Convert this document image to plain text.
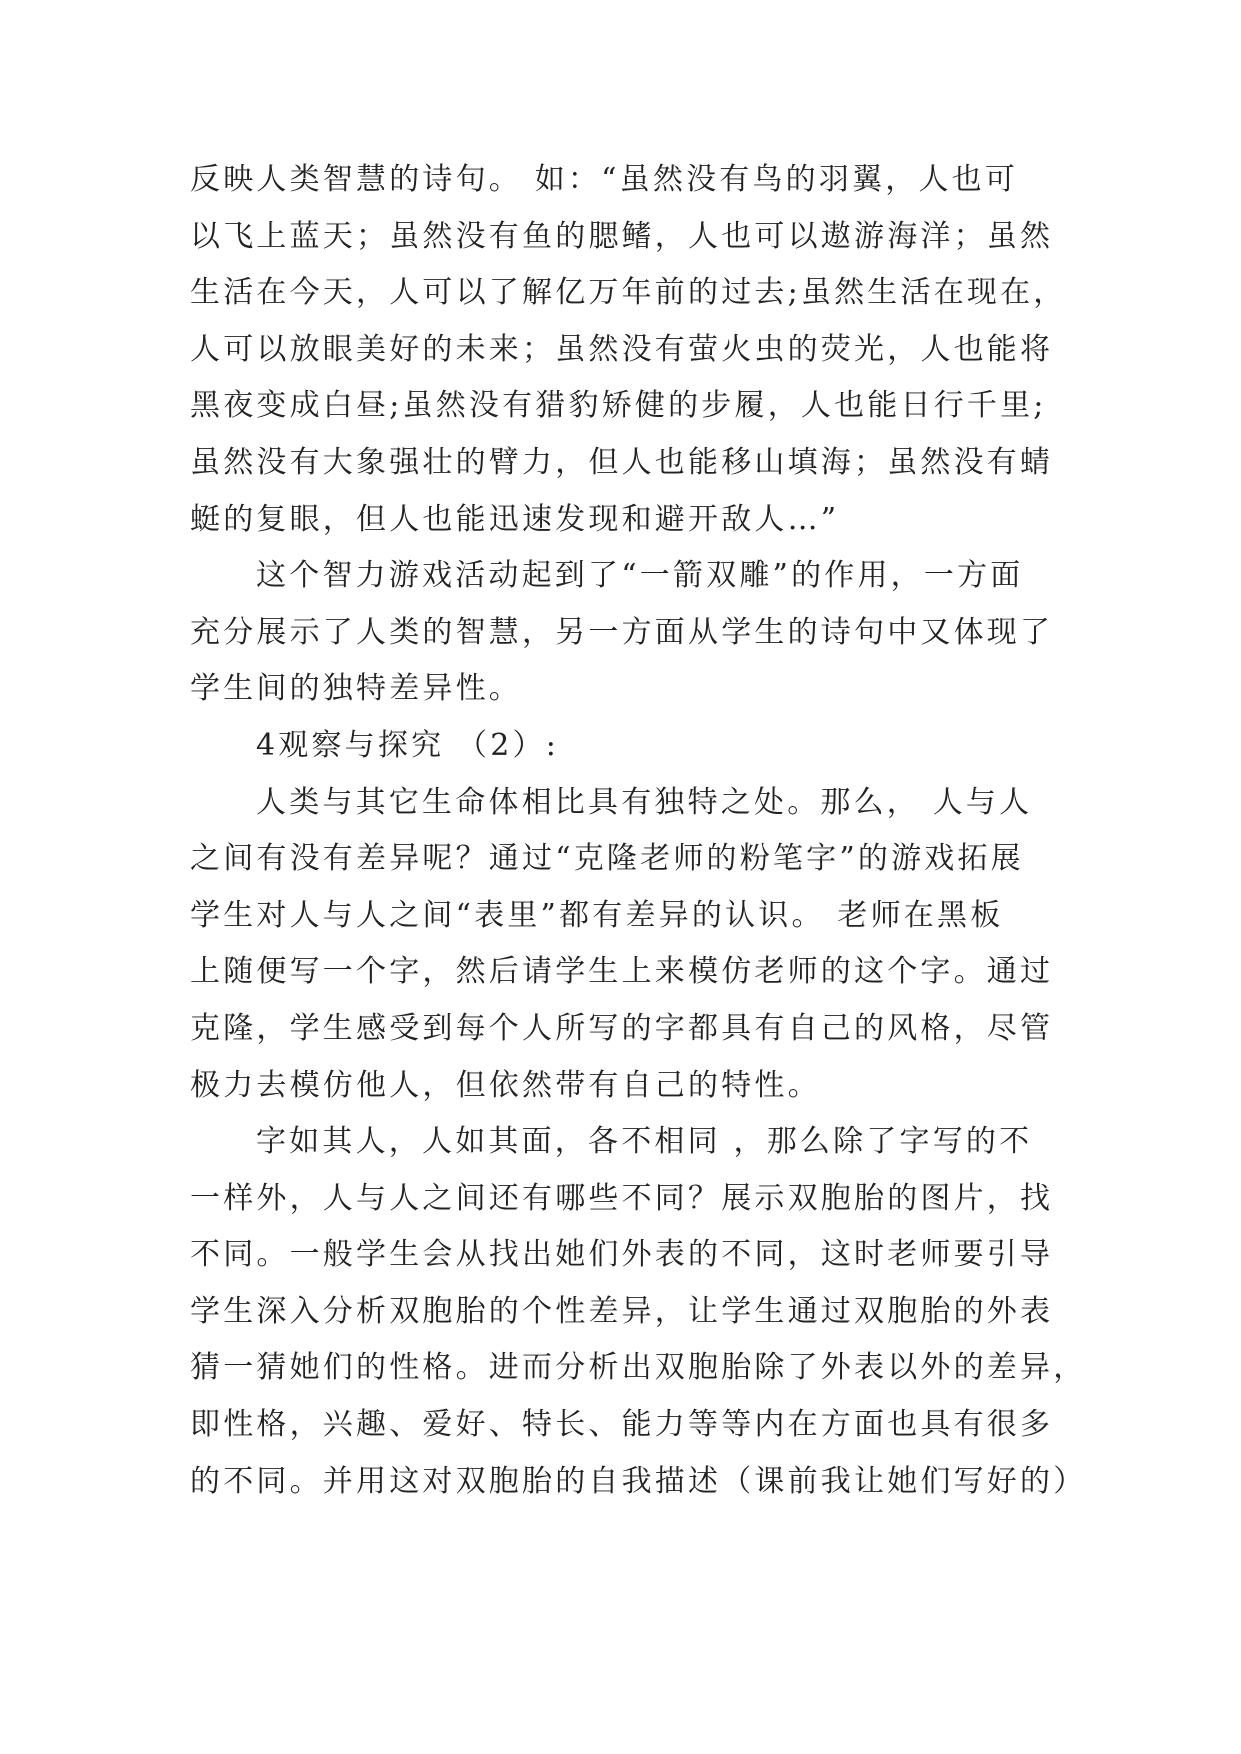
反映人类智慧的诗句。 如：“虽然没有鸟的羽翼，人也可
以飞上蓝天；虽然没有鱼的腮鳍，人也可以遨游海洋；虽然
生活在今天，人可以了解亿万年前的过去;虽然生活在现在，
人可以放眼美好的未来；虽然没有萤火虫的荧光，人也能将
黑夜变成白昼;虽然没有猎豹矫健的步履，人也能日行千里;
虽然没有大象强壮的臂力，但人也能移山填海；虽然没有蜻
蜓的复眼，但人也能迅速发现和避开敌人…”
这个智力游戏活动起到了“一箭双雕”的作用，一方面
充分展示了人类的智慧，另一方面从学生的诗句中又体现了
学生间的独特差异性。
4观察与探究 （2）:
人类与其它生命体相比具有独特之处。那么， 人与人
之间有没有差异呢？通过“克隆老师的粉笔字”的游戏拓展
学生对人与人之间“表里”都有差异的认识。 老师在黑板
上随便写一个字，然后请学生上来模仿老师的这个字。通过
克隆，学生感受到每个人所写的字都具有自己的风格，尽管
极力去模仿他人，但依然带有自己的特性。
字如其人，人如其面，各不相同 ，那么除了字写的不
一样外，人与人之间还有哪些不同？展示双胞胎的图片，找
不同。一般学生会从找出她们外表的不同，这时老师要引导
学生深入分析双胞胎的个性差异，让学生通过双胞胎的外表
猜一猜她们的性格。进而分析出双胞胎除了外表以外的差异，
即性格，兴趣、爱好、特长、能力等等内在方面也具有很多
的不同。并用这对双胞胎的自我描述（课前我让她们写好的）
